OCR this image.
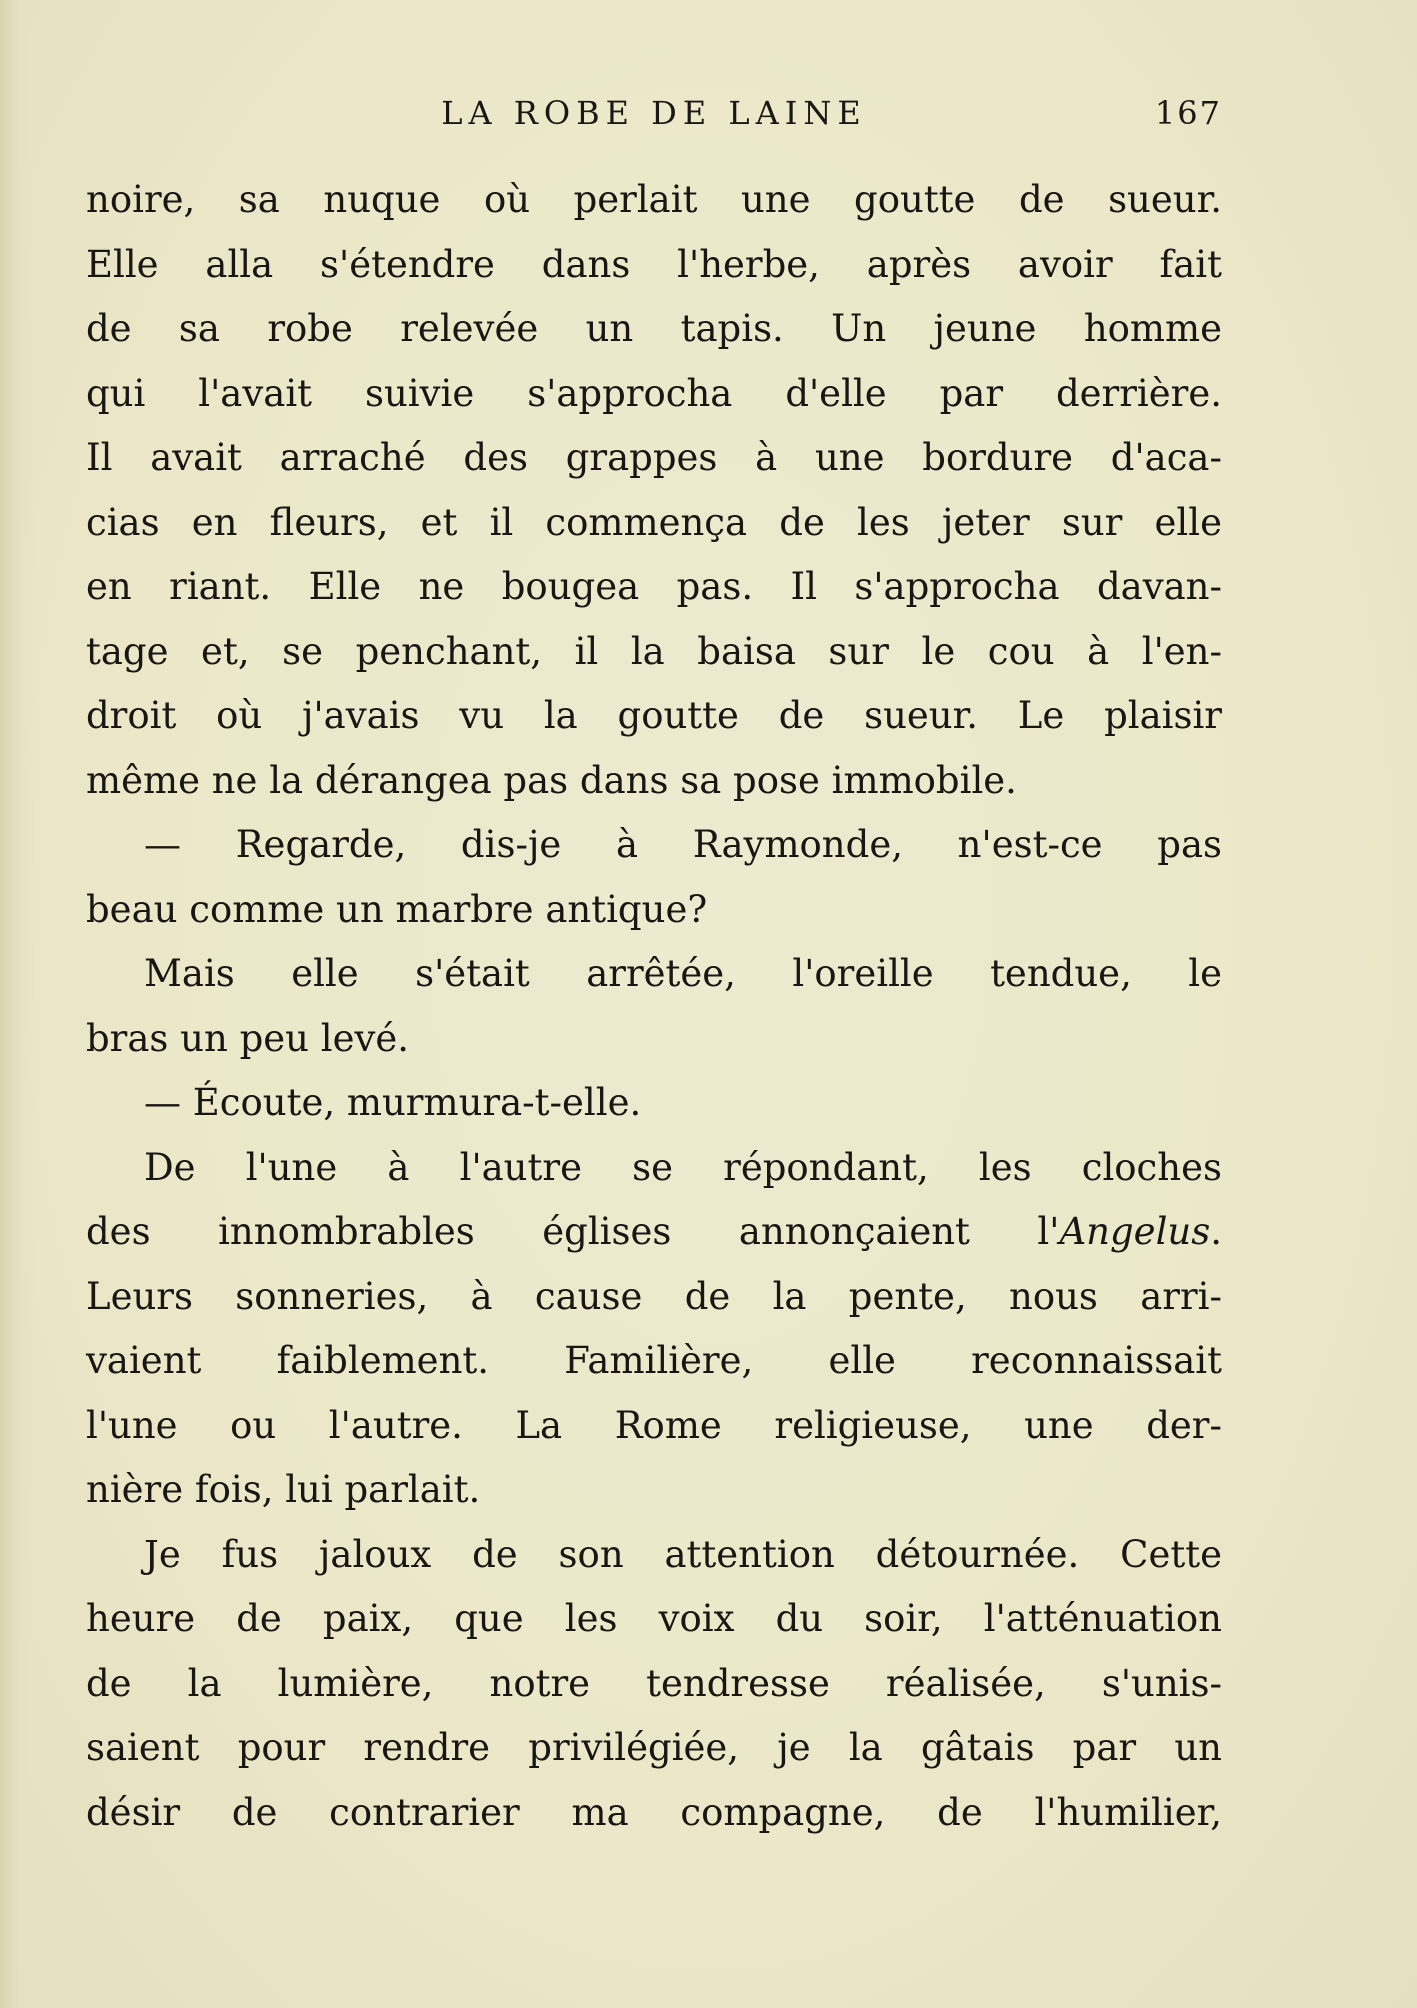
LA ROBE DE LAINE	167
noire, sa nuque où perlait une goutte de sueur.
Elle alla s'étendre dans l'herbe, après avoir fait
de sa robe relevée un tapis. Un jeune homme
qui l'avait suivie s'approcha d'elle par derrière.
Il avait arraché des grappes à une bordure d'aca-
cias en fleurs, et il commença de les jeter sur elle
en riant. Elle ne bougea pas. Il s'approcha davan-
tage et, se penchant, il la baisa sur le cou à l'en-
droit où j'avais vu la goutte de sueur. Le plaisir
même ne la dérangea pas dans sa pose immobile.
— Regarde, dis-je à Raymonde, n'est-ce pas
beau comme un marbre antique?
Mais elle s'était arrêtée, l'oreille tendue, le
bras un peu levé.
— Écoute, murmura-t-elle.
De l'une à l'autre se répondant, les cloches
des innombrables églises annonçaient l'Angelus.
Leurs sonneries, à cause de la pente, nous arri-
vaient faiblement. Familière, elle reconnaissait
l'une ou l'autre. La Rome religieuse, une der-
nière fois, lui parlait.
Je fus jaloux de son attention détournée. Cette
heure de paix, que les voix du soir, l'atténuation
de la lumière, notre tendresse réalisée, s'unis-
saient pour rendre privilégiée, je la gâtais par un
désir de contrarier ma compagne, de l'humilier,
